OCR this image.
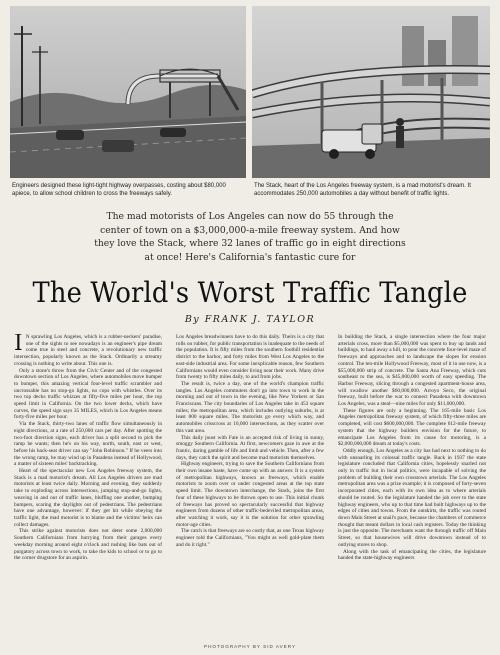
Engineers designed these light-tight highway overpasses, costing about $80,000 apiece, to allow school children to cross the freeways safely.
The Stack, heart of the Los Angeles freeway system, is a mad motorist's dream. It accommodates 250,000 automobiles a day without benefit of traffic lights.
The mad motorists of Los Angeles can now do 55 through the center of town on a $3,000,000-a-mile freeway system. And how they love the Stack, where 32 lanes of traffic go in eight directions at once! Here's California's fantastic cure for
The World's Worst Traffic Tangle
By FRANK J. TAYLOR

I N sprawling Los Angeles, which is a rubber-neckers' paradise, one of the sights to see nowadays is an engineer's pipe dream come true in steel and concrete, a revolutionary new traffic intersection, popularly known as the Stack. Ordinarily a streamy crossing is nothing to write about. This one is.

Only a stone's throw from the Civic Center and of the congested downtown section of Los Angeles, where automobiles move bumper to bumper, this amazing vertical four-level traffic scrambler and uncrossable has no stop-go lights, no cops with whistles. Over its two top decks traffic whizzes at fifty-five miles per hour, the top speed limit in California. On the two lower decks, which have curves, the speed sign says 35 MILES, which in Los Angeles means forty-five miles per hour.

Via the Stack, thirty-two lanes of traffic flow simultaneously in eight directions, at a rate of 250,000 cars per day. After spotting the two-foot direction signs, each driver has a split second to pick the ramp he wants; then he's on his way, north, south, east or west, before his back-seat driver can say "John Robinson." If he veers into the wrong ramp, he may wind up in Pasadena instead of Hollywood, a matter of sixteen miles' backtracking.

Heart of the spectacular new Los Angeles freeway system, the Stack is a mad motorist's dream. All Los Angeles drivers are mad motorists at least twice daily. Morning and evening, they suddenly take to exploding across intersections, jumping stop-and-go lights, weaving in and out of traffic lanes, bluffing one another, bumping bumpers, scaring the daylights out of pedestrians. The pedestrians have one advantage, however: if they get hit while obeying the traffic light, the mad motorist is to blame and the victims' heirs can collect damages.

This strike against motorists does not deter some 2,000,000 Southern Californians from hurrying from their garages every weekday morning around eight o'clock and rushing like bats out of purgatory across town to work, to take the kids to school or to go to the corner drugstore for an aspirin.

Los Angeles breadwinners have to do this daily. Theirs is a city that rolls on rubber, for public transportation is inadequate to the needs of the population. It is fifty miles from the southern foothill residential district to the harbor, and forty miles from West Los Angeles to the east-side industrial area. For some inexplicable reason, few Southern Californians would even consider living near their work. Many drive from twenty to fifty miles daily, to and from jobs.

The result is, twice a day, one of the world's champion traffic tangles. Los Angeles commuters don't go into town to work in the morning and out of town in the evening, like New Yorkers or San Franciscans. The city boundaries of Los Angeles take in 453 square miles; the metropolitan area, which includes outlying suburbs, is at least 800 square miles. The motorists go every which way, and automobiles crisscross at 10,000 intersections, as they scatter over this vast area.

This daily joust with Fate is an accepted risk of living in sunny, smoggy Southern California. At first, newcomers gaze in awe at the frantic, daring gamble of life and limb and vehicle. Then, after a few days, they catch the spirit and become mad motorists themselves.

Highway engineers, trying to save the Southern Californians from their own insane haste, have come up with an answer. It is a system of metropolitan highways, known as freeways, which enable motorists to zoom over or under congested areas at the top state speed limit. The downtown interchange, the Stack, joins the first four of these highways to be thrown open to use. This initial chunk of freeways has proved so spectacularly successful that highway engineers from dozens of other traffic-bedeviled metropolitan areas, after watching it work, say it is the solution for other sprawling motor-age cities.

The catch is that freeways are so costly that, as one Texas highway engineer told the Californians, "You might as well gold-plate them and do it right."

In building the Stack, a single intersection where the four major arterials cross, more than $5,000,000 was spent to buy up lands and buildings, to haul away a hill, to pour the concrete four-level maze of freeways and approaches and to landscape the slopes for erosion control. The ten-mile Hollywood Freeway, most of it in use now, is a $55,000,000 strip of concrete. The Santa Ana Freeway, which cuts southeast to the sea, is $45,000,000 worth of easy speeding. The Harbor Freeway, slicing through a congested apartment-house area, will swallow another $60,000,000. Arroyo Seco, the original freeway, built before the war to connect Pasadena with downtown Los Angeles, was a steal—nine miles for only $11,000,000.

These figures are only a beginning. The 165-mile basic Los Angeles metropolitan freeway system, of which fifty-three miles are completed, will cost $600,000,000. The complete 612-mile freeway system that the highway builders envision for the future, to emancipate Los Angeles from its cause for motoring, is a $2,000,000,000 dream at today's costs.

Oddly enough, Los Angeles as a city has had next to nothing to do with unsnarling its colossal traffic tangle. Back in 1937 the state legislature concluded that California cities, hopelessly snarled not only in traffic but in local politics, were incapable of solving the problem of building their own crosstown arterials. The Los Angeles metropolitan area was a prize example; it is composed of forty-seven incorporated cities, each with its own idea as to where arterials should be routed. So the legislature handed the job over to the state highway engineers, who up to that time had built highways up to the edges of cities and towns. From the outskirts, the traffic was routed down Main Street at snail's pace, because the chambers of commerce thought that meant dollars in local cash registers. Today the thinking is just the opposite. The merchants want the through traffic off Main Street, so that housewives will drive downtown instead of to outlying stores to shop.

Along with the task of emancipating the cities, the legislature handed the state-highway engineers

PHOTOGRAPHY BY SID AVERY
